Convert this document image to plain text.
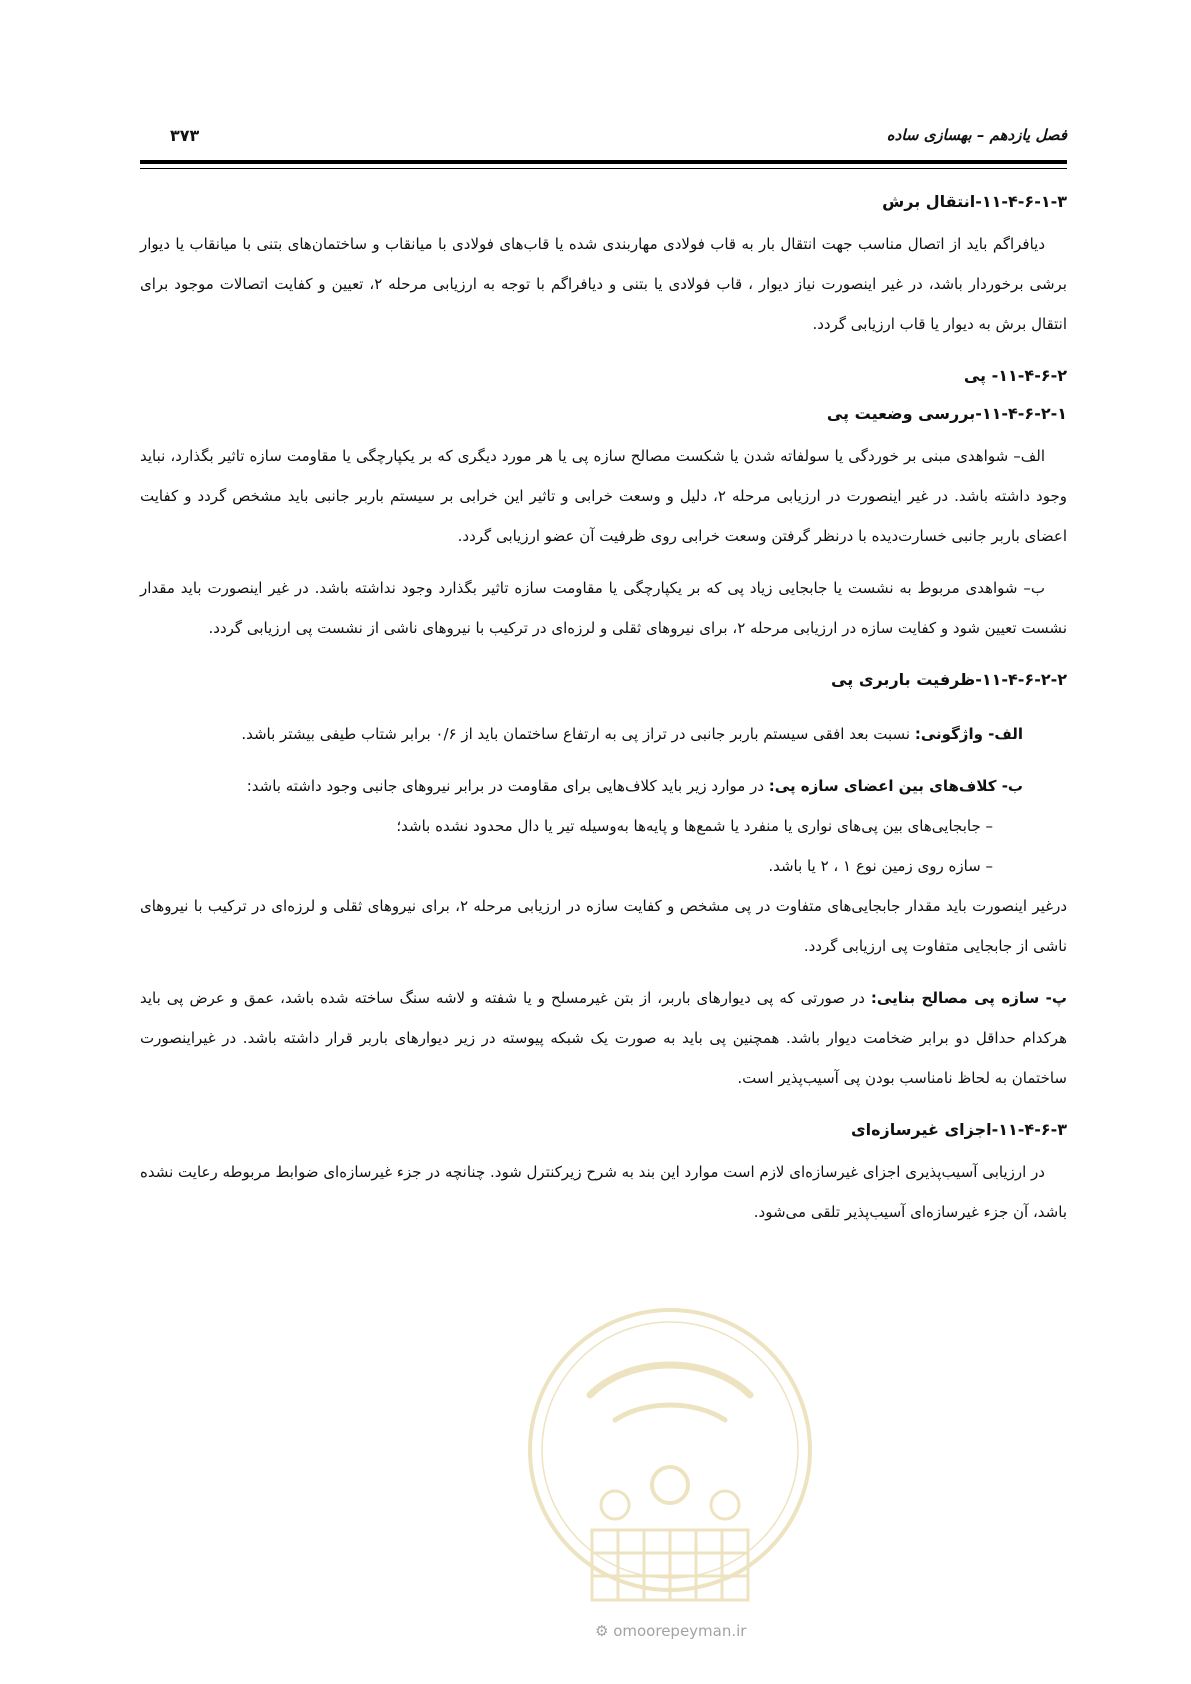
فصل یازدهم – بهسازی ساده
۳۷۳
۱۱-۴-۶-۱-۳-انتقال برش

دیافراگم باید از اتصال مناسب جهت انتقال بار به قاب فولادی مهاربندی شده یا قاب‌های فولادی با میانقاب و ساختمان‌های بتنی با میانقاب یا دیوار برشی برخوردار باشد، در غیر اینصورت نیاز دیوار ، قاب فولادی یا بتنی و دیافراگم با توجه به ارزیابی مرحله ۲، تعیین و کفایت اتصالات موجود برای انتقال برش به دیوار یا قاب ارزیابی گردد.

۱۱-۴-۶-۲- پی
۱۱-۴-۶-۲-۱-بررسی وضعیت پی

الف– شواهدی مبنی بر خوردگی یا سولفاته شدن یا شکست مصالح سازه پی یا هر مورد دیگری که بر یکپارچگی یا مقاومت سازه تاثیر بگذارد، نباید وجود داشته باشد. در غیر اینصورت در ارزیابی مرحله ۲، دلیل و وسعت خرابی و تاثیر این خرابی بر سیستم باربر جانبی باید مشخص گردد و کفایت اعضای باربر جانبی خسارت‌دیده با درنظر گرفتن وسعت خرابی روی ظرفیت آن عضو ارزیابی گردد.

ب– شواهدی مربوط به نشست یا جابجایی زیاد پی که بر یکپارچگی یا مقاومت سازه تاثیر بگذارد وجود نداشته باشد. در غیر اینصورت باید مقدار نشست تعیین شود و کفایت سازه در ارزیابی مرحله ۲، برای نیروهای ثقلی و لرزه‌ای در ترکیب با نیروهای ناشی از نشست پی ارزیابی گردد.

۱۱-۴-۶-۲-۲-ظرفیت باربری پی

الف- واژگونی: نسبت بعد افقی سیستم باربر جانبی در تراز پی به ارتفاع ساختمان باید از ۰/۶ برابر شتاب طیفی بیشتر باشد.

ب- کلاف‌های بین اعضای سازه پی: در موارد زیر باید کلاف‌هایی برای مقاومت در برابر نیروهای جانبی وجود داشته باشد:

– جابجایی‌های بین پی‌های نواری یا منفرد یا شمع‌ها و پایه‌ها به‌وسیله تیر یا دال محدود نشده باشد؛

– سازه روی زمین نوع ۱ ، ۲ یا باشد.

درغیر اینصورت باید مقدار جابجایی‌های متفاوت در پی مشخص و کفایت سازه در ارزیابی مرحله ۲، برای نیروهای ثقلی و لرزه‌ای در ترکیب با نیروهای ناشی از جابجایی متفاوت پی ارزیابی گردد.

پ- سازه پی مصالح بنایی: در صورتی که پی دیوارهای باربر، از بتن غیرمسلح و یا شفته و لاشه سنگ ساخته شده باشد، عمق و عرض پی باید هرکدام حداقل دو برابر ضخامت دیوار باشد. همچنین پی باید به صورت یک شبکه پیوسته در زیر دیوارهای باربر قرار داشته باشد. در غیراینصورت ساختمان به لحاظ نامناسب بودن پی آسیب‌پذیر است.

۱۱-۴-۶-۳-اجزای غیرسازه‌ای

در ارزیابی آسیب‌پذیری اجزای غیرسازه‌ای لازم است موارد این بند به شرح زیرکنترل شود. چنانچه در جزء غیرسازه‌ای ضوابط مربوطه رعایت نشده باشد، آن جزء غیرسازه‌ای آسیب‌پذیر تلقی می‌شود.

⚙ omoorepeyman.ir
